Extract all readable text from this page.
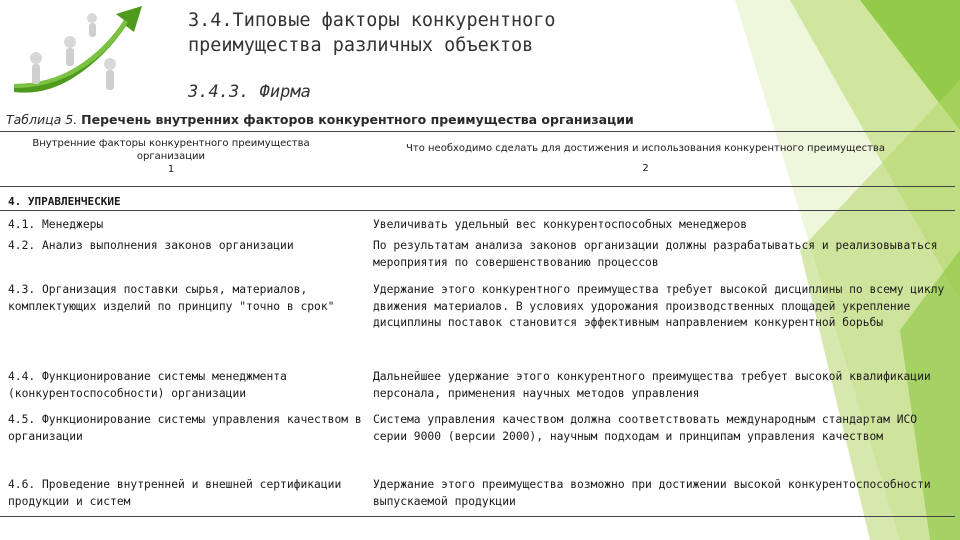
3.4.Типовые факторы конкурентного преимущества различных объектов
3.4.3. Фирма
Таблица 5. Перечень внутренних факторов конкурентного преимущества организации
Внутренние факторы конкурентного преимущества организации
1
Что необходимо сделать для достижения и использования конкурентного преимущества
2
4. УПРАВЛЕНЧЕСКИЕ
4.1. Менеджеры	Увеличивать удельный вес конкурентоспособных менеджеров
4.2. Анализ выполнения законов организации	По результатам анализа законов организации должны разрабатываться и реализовываться мероприятия по совершенствованию процессов
4.3. Организация поставки сырья, материалов, комплектующих изделий по принципу "точно в срок"
Удержание этого конкурентного преимущества требует высокой дисциплины по всему циклу движения материалов. В условиях удорожания производственных площадей укрепление дисциплины поставок становится эффективным направлением конкурентной борьбы
4.4. Функционирование системы менеджмента (конкурентоспособности) организации
Дальнейшее удержание этого конкурентного преимущества требует высокой квалификации персонала, применения научных методов управления
4.5. Функционирование системы управления качеством в организации
Система управления качеством должна соответствовать международным стандартам ИСО серии 9000 (версии 2000), научным подходам и принципам управления качеством
4.6. Проведение внутренней и внешней сертификации продукции и систем
Удержание этого преимущества возможно при достижении высокой конкурентоспособности выпускаемой продукции
